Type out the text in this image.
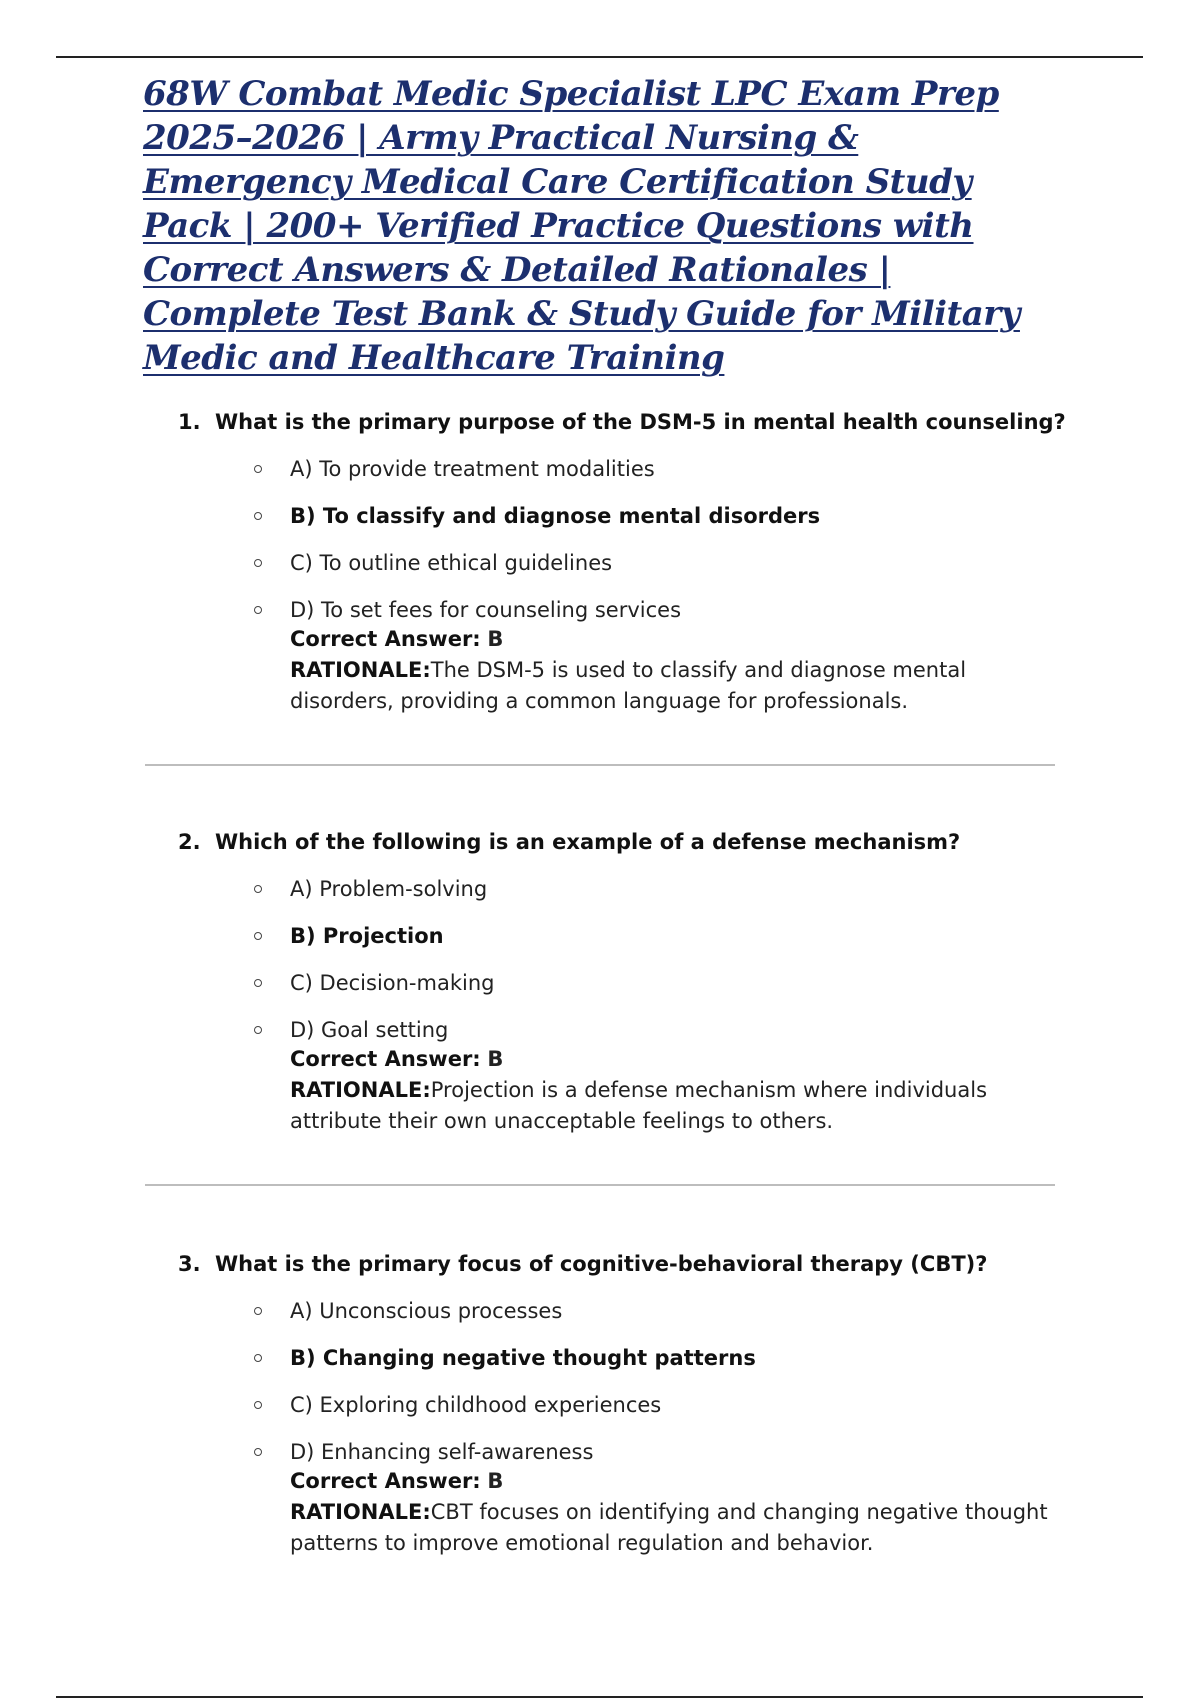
68W Combat Medic Specialist LPC Exam Prep 2025–2026 | Army Practical Nursing & Emergency Medical Care Certification Study Pack | 200+ Verified Practice Questions with Correct Answers & Detailed Rationales | Complete Test Bank & Study Guide for Military Medic and Healthcare Training
1. What is the primary purpose of the DSM-5 in mental health counseling?
A) To provide treatment modalities
B) To classify and diagnose mental disorders
C) To outline ethical guidelines
D) To set fees for counseling services
Correct Answer: B
RATIONALE:The DSM-5 is used to classify and diagnose mental disorders, providing a common language for professionals.
2. Which of the following is an example of a defense mechanism?
A) Problem-solving
B) Projection
C) Decision-making
D) Goal setting
Correct Answer: B
RATIONALE:Projection is a defense mechanism where individuals attribute their own unacceptable feelings to others.
3. What is the primary focus of cognitive-behavioral therapy (CBT)?
A) Unconscious processes
B) Changing negative thought patterns
C) Exploring childhood experiences
D) Enhancing self-awareness
Correct Answer: B
RATIONALE:CBT focuses on identifying and changing negative thought patterns to improve emotional regulation and behavior.
